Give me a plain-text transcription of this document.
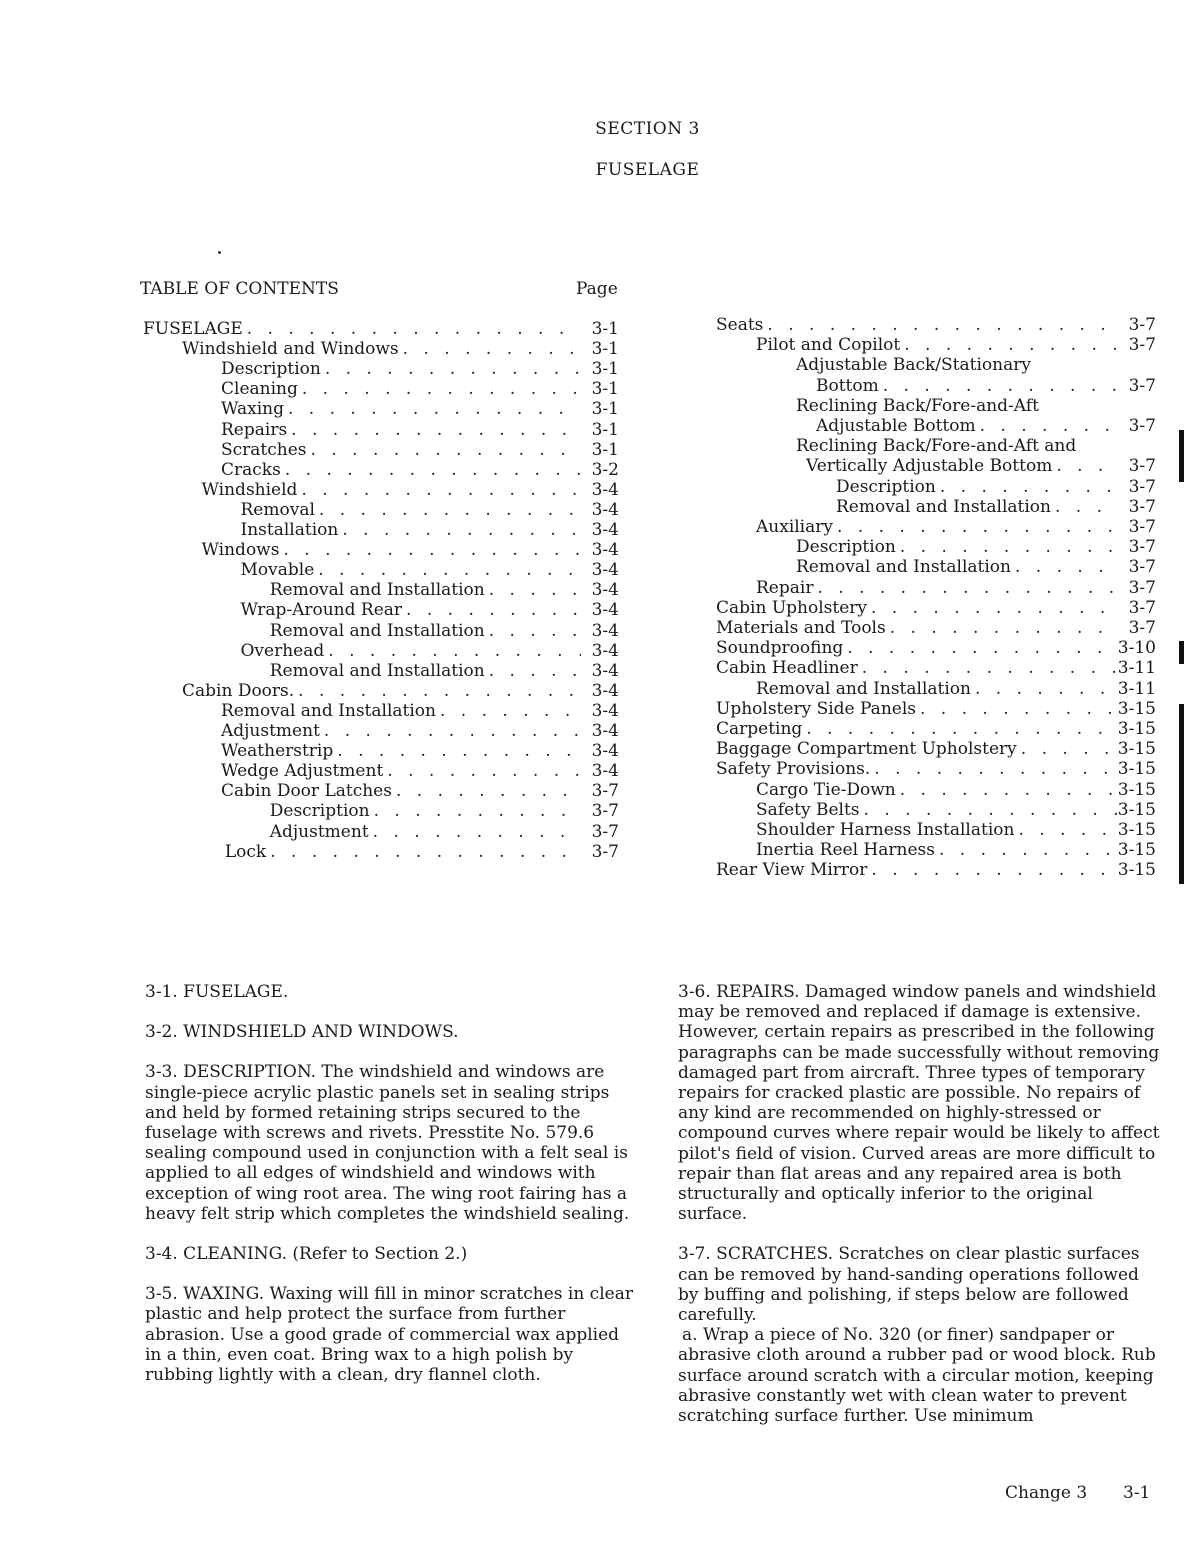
SECTION 3
FUSELAGE
TABLE OF CONTENTS	Page
FUSELAGE . . .	3-1
Windshield and Windows . . .	3-1
Description . . .	3-1
Cleaning . . .	3-1
Waxing . . .	3-1
Repairs . . .	3-1
Scratches . . .	3-1
Cracks . . .	3-2
Windshield . . .	3-4
Removal . . .	3-4
Installation . . .	3-4
Windows . . .	3-4
Movable . . .	3-4
Removal and Installation . . .	3-4
Wrap-Around Rear . . .	3-4
Removal and Installation . . .	3-4
Overhead . . .	3-4
Removal and Installation . . .	3-4
Cabin Doors. . . .	3-4
Removal and Installation . . .	3-4
Adjustment . . .	3-4
Weatherstrip . . .	3-4
Wedge Adjustment . . .	3-4
Cabin Door Latches . . .	3-7
Description . . .	3-7
Adjustment . . .	3-7
Lock . . .	3-7
Seats . . .	3-7
Pilot and Copilot . . .	3-7
Adjustable Back/Stationary
Bottom . . .	3-7
Reclining Back/Fore-and-Aft
Adjustable Bottom . . .	3-7
Reclining Back/Fore-and-Aft and
Vertically Adjustable Bottom . . .	3-7
Description . . .	3-7
Removal and Installation . . .	3-7
Auxiliary . . .	3-7
Description . . .	3-7
Removal and Installation . . .	3-7
Repair . . .	3-7
Cabin Upholstery . . .	3-7
Materials and Tools . . .	3-7
Soundproofing . . .	3-10
Cabin Headliner . . .	3-11
Removal and Installation . . .	3-11
Upholstery Side Panels . . .	3-15
Carpeting . . .	3-15
Baggage Compartment Upholstery . . .	3-15
Safety Provisions. . . .	3-15
Cargo Tie-Down . . .	3-15
Safety Belts . . .	3-15
Shoulder Harness Installation . . .	3-15
Inertia Reel Harness . . .	3-15
Rear View Mirror . . .	3-15

3-1. FUSELAGE.

3-2. WINDSHIELD AND WINDOWS.

3-3. DESCRIPTION. The windshield and windows are single-piece acrylic plastic panels set in sealing strips and held by formed retaining strips secured to the fuselage with screws and rivets. Presstite No. 579.6 sealing compound used in conjunction with a felt seal is applied to all edges of windshield and windows with exception of wing root area. The wing root fairing has a heavy felt strip which completes the windshield sealing.

3-4. CLEANING. (Refer to Section 2.)

3-5. WAXING. Waxing will fill in minor scratches in clear plastic and help protect the surface from further abrasion. Use a good grade of commercial wax applied in a thin, even coat. Bring wax to a high polish by rubbing lightly with a clean, dry flannel cloth.

3-6. REPAIRS. Damaged window panels and windshield may be removed and replaced if damage is extensive. However, certain repairs as prescribed in the following paragraphs can be made successfully without removing damaged part from aircraft. Three types of temporary repairs for cracked plastic are possible. No repairs of any kind are recommended on highly-stressed or compound curves where repair would be likely to affect pilot's field of vision. Curved areas are more difficult to repair than flat areas and any repaired area is both structurally and optically inferior to the original surface.

3-7. SCRATCHES. Scratches on clear plastic surfaces can be removed by hand-sanding operations followed by buffing and polishing, if steps below are followed carefully.

a. Wrap a piece of No. 320 (or finer) sandpaper or abrasive cloth around a rubber pad or wood block. Rub surface around scratch with a circular motion, keeping abrasive constantly wet with clean water to prevent scratching surface further. Use minimum

Change 3 3-1
